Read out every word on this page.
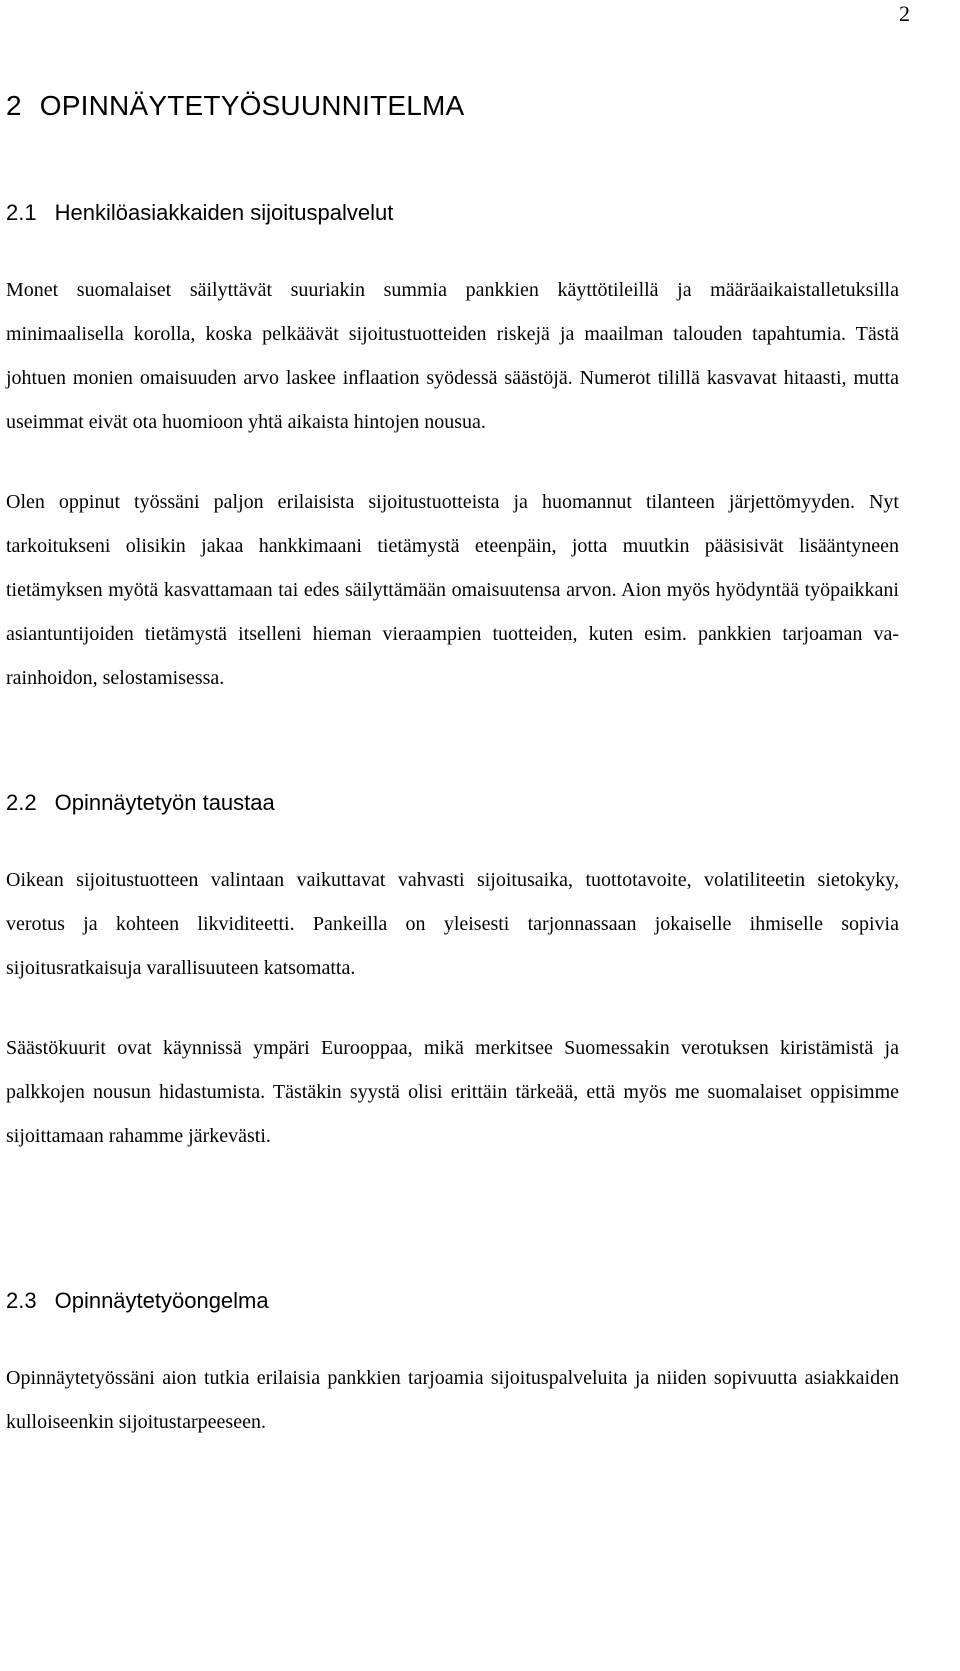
2
2 OPINNÄYTETYÖSUUNNITELMA
2.1 Henkilöasiakkaiden sijoituspalvelut

Monet suomalaiset säilyttävät suuriakin summia pankkien käyttötileillä ja määräaikaistalletuksilla minimaalisella korolla, koska pelkäävät sijoitustuotteiden riskejä ja maailman talouden tapahtumia. Tästä johtuen monien omaisuuden arvo laskee inflaation syödessä säästöjä. Numerot tilillä kasvavat hitaasti, mutta useimmat eivät ota huomioon yhtä aikaista hintojen nousua.

Olen oppinut työssäni paljon erilaisista sijoitustuotteista ja huomannut tilanteen järjettömyyden. Nyt tarkoitukseni olisikin jakaa hankkimaani tietämystä eteenpäin, jotta muutkin pääsisivät lisääntyneen tietämyksen myötä kasvattamaan tai edes säilyttämään omaisuutensa arvon. Aion myös hyödyntää työpaikkani asiantuntijoiden tietämystä itselleni hieman vieraampien tuotteiden, kuten esim. pankkien tarjoaman varainhoidon, selostamisessa.

2.2 Opinnäytetyön taustaa

Oikean sijoitustuotteen valintaan vaikuttavat vahvasti sijoitusaika, tuottotavoite, volatiliteetin sietokyky, verotus ja kohteen likviditeetti. Pankeilla on yleisesti tarjonnassaan jokaiselle ihmiselle sopivia sijoitusratkaisuja varallisuuteen katsomatta.

Säästökuurit ovat käynnissä ympäri Eurooppaa, mikä merkitsee Suomessakin verotuksen kiristämistä ja palkkojen nousun hidastumista. Tästäkin syystä olisi erittäin tärkeää, että myös me suomalaiset oppisimme sijoittamaan rahamme järkevästi.

2.3 Opinnäytetyöongelma

Opinnäytetyössäni aion tutkia erilaisia pankkien tarjoamia sijoituspalveluita ja niiden sopivuutta asiakkaiden kulloiseenkin sijoitustarpeeseen.
